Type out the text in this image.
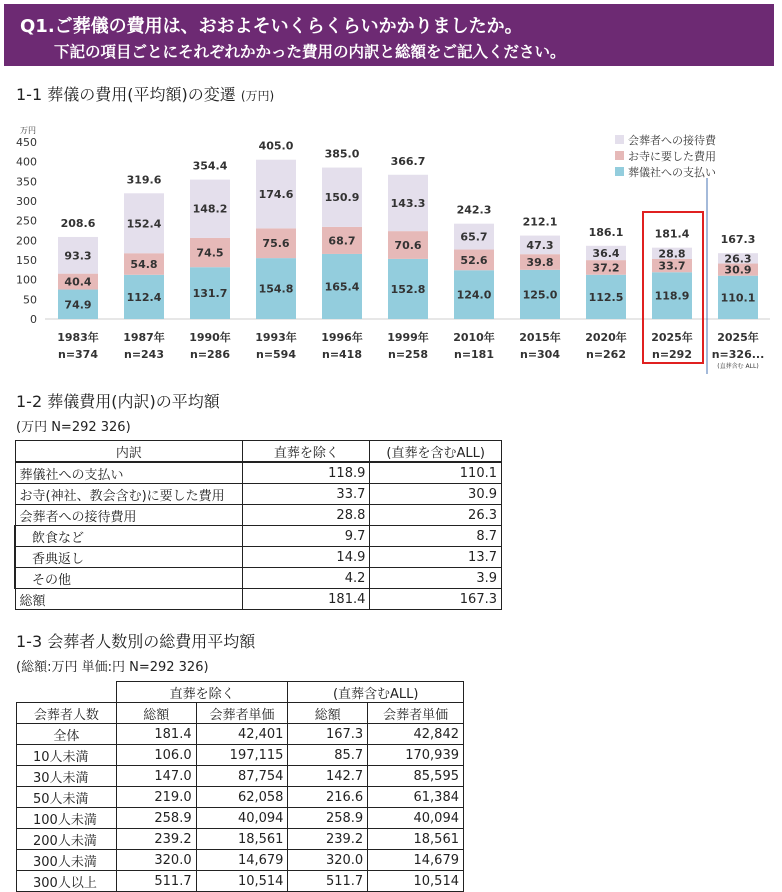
Q1.ご葬儀の費用は、おおよそいくらくらいかかりましたか。
下記の項目ごとにそれぞれかかった費用の内訳と総額をご記入ください。
1-1 葬儀の費用(平均額)の変遷 (万円)
万円
0
50
100
150
200
250
300
350
400
450
74.9
40.4
93.3
208.6
1983年
n=374
112.4
54.8
152.4
319.6
1987年
n=243
131.7
74.5
148.2
354.4
1990年
n=286
154.8
75.6
174.6
405.0
1993年
n=594
165.4
68.7
150.9
385.0
1996年
n=418
152.8
70.6
143.3
366.7
1999年
n=258
124.0
52.6
65.7
242.3
2010年
n=181
125.0
39.8
47.3
212.1
2015年
n=304
112.5
37.2
36.4
186.1
2020年
n=262
118.9
33.7
28.8
181.4
2025年
n=292
110.1
30.9
26.3
167.3
2025年
n=326...
(直葬含む ALL)
会葬者への接待費
お寺に要した費用
葬儀社への支払い
1-2 葬儀費用(内訳)の平均額
(万円 N=292 326)
内訳	直葬を除く	(直葬を含むALL)
葬儀社への支払い	118.9	110.1
お寺(神社、教会含む)に要した費用	33.7	30.9
会葬者への接待費用	28.8	26.3
飲食など	9.7	8.7
香典返し	14.9	13.7
その他	4.2	3.9
総額	181.4	167.3
1-3 会葬者人数別の総費用平均額
(総額:万円 単価:円 N=292 326)
	直葬を除く		(直葬含むALL)	
会葬者人数	総額	会葬者単価	総額	会葬者単価
全体	181.4	42,401	167.3	42,842
10人未満	106.0	197,115	85.7	170,939
30人未満	147.0	87,754	142.7	85,595
50人未満	219.0	62,058	216.6	61,384
100人未満	258.9	40,094	258.9	40,094
200人未満	239.2	18,561	239.2	18,561
300人未満	320.0	14,679	320.0	14,679
300人以上	511.7	10,514	511.7	10,514
